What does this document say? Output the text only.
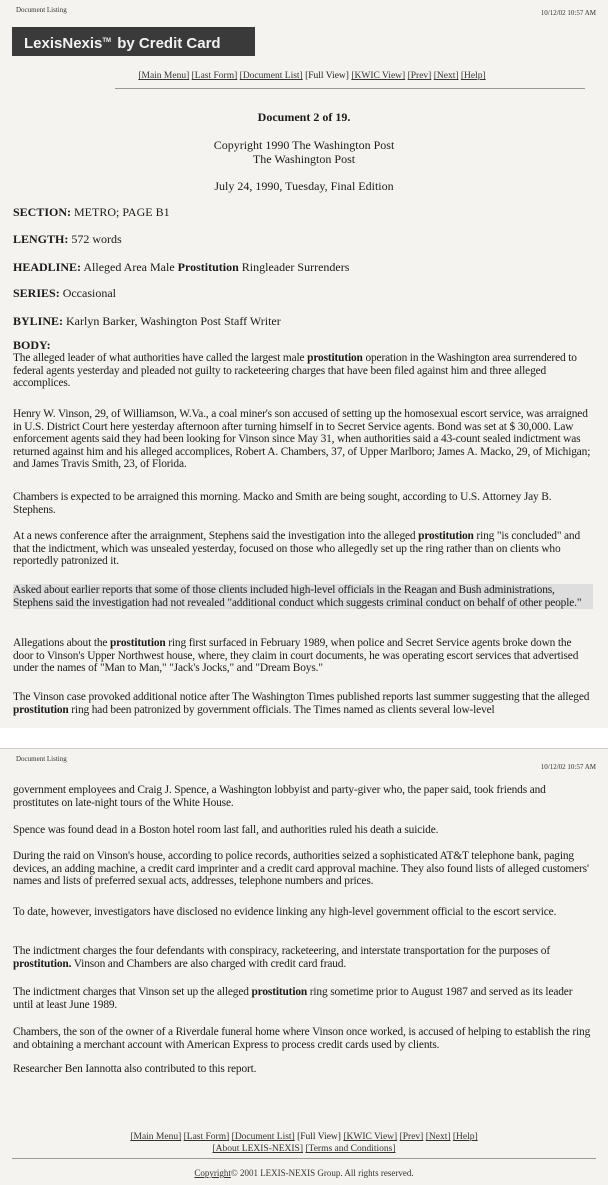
Document Listing	10/12/02 10:57 AM
LexisNexis™ by Credit Card
[Main Menu] [Last Form] [Document List] [Full View] [KWIC View] [Prev] [Next] [Help]
Document 2 of 19.
Copyright 1990 The Washington Post
The Washington Post
July 24, 1990, Tuesday, Final Edition
SECTION: METRO; PAGE B1
LENGTH: 572 words
HEADLINE: Alleged Area Male Prostitution Ringleader Surrenders
SERIES: Occasional
BYLINE: Karlyn Barker, Washington Post Staff Writer
BODY:
The alleged leader of what authorities have called the largest male prostitution operation in the Washington area surrendered to federal agents yesterday and pleaded not guilty to racketeering charges that have been filed against him and three alleged accomplices.
Henry W. Vinson, 29, of Williamson, W.Va., a coal miner's son accused of setting up the homosexual escort service, was arraigned in U.S. District Court here yesterday afternoon after turning himself in to Secret Service agents. Bond was set at $ 30,000. Law enforcement agents said they had been looking for Vinson since May 31, when authorities said a 43-count sealed indictment was returned against him and his alleged accomplices, Robert A. Chambers, 37, of Upper Marlboro; James A. Macko, 29, of Michigan; and James Travis Smith, 23, of Florida.
Chambers is expected to be arraigned this morning. Macko and Smith are being sought, according to U.S. Attorney Jay B. Stephens.
At a news conference after the arraignment, Stephens said the investigation into the alleged prostitution ring "is concluded" and that the indictment, which was unsealed yesterday, focused on those who allegedly set up the ring rather than on clients who reportedly patronized it.
Asked about earlier reports that some of those clients included high-level officials in the Reagan and Bush administrations, Stephens said the investigation had not revealed "additional conduct which suggests criminal conduct on behalf of other people."
Allegations about the prostitution ring first surfaced in February 1989, when police and Secret Service agents broke down the door to Vinson's Upper Northwest house, where, they claim in court documents, he was operating escort services that advertised under the names of "Man to Man," "Jack's Jocks," and "Dream Boys."
The Vinson case provoked additional notice after The Washington Times published reports last summer suggesting that the alleged prostitution ring had been patronized by government officials. The Times named as clients several low-level
Document Listing
10/12/02 10:57 AM
government employees and Craig J. Spence, a Washington lobbyist and party-giver who, the paper said, took friends and prostitutes on late-night tours of the White House.
Spence was found dead in a Boston hotel room last fall, and authorities ruled his death a suicide.
During the raid on Vinson's house, according to police records, authorities seized a sophisticated AT&T telephone bank, paging devices, an adding machine, a credit card imprinter and a credit card approval machine. They also found lists of alleged customers' names and lists of preferred sexual acts, addresses, telephone numbers and prices.
To date, however, investigators have disclosed no evidence linking any high-level government official to the escort service.
The indictment charges the four defendants with conspiracy, racketeering, and interstate transportation for the purposes of prostitution. Vinson and Chambers are also charged with credit card fraud.
The indictment charges that Vinson set up the alleged prostitution ring sometime prior to August 1987 and served as its leader until at least June 1989.
Chambers, the son of the owner of a Riverdale funeral home where Vinson once worked, is accused of helping to establish the ring and obtaining a merchant account with American Express to process credit cards used by clients.
Researcher Ben Iannotta also contributed to this report.
[Main Menu] [Last Form] [Document List] [Full View] [KWIC View] [Prev] [Next] [Help]
[About LEXIS-NEXIS] [Terms and Conditions]
Copyright© 2001 LEXIS-NEXIS Group. All rights reserved.
